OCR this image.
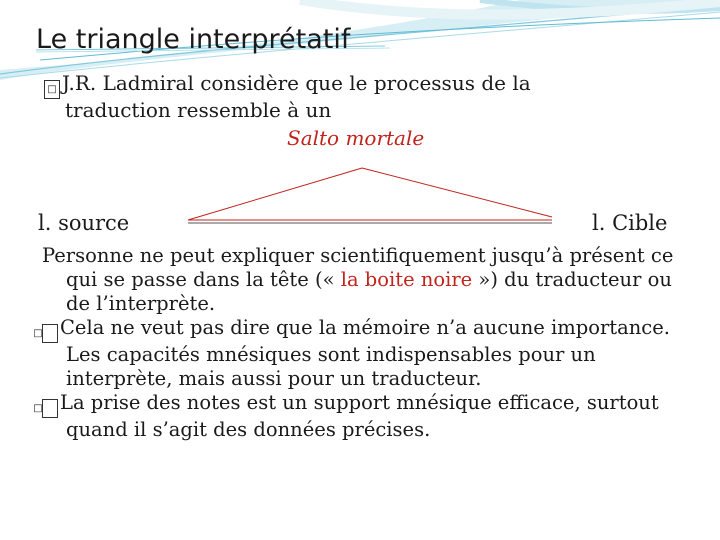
Le triangle interprétatif
□ J.R. Ladmiral considère que le processus de la
traduction ressemble à un
Salto mortale
l. source	l. Cible
Personne ne peut expliquer scientifiquement jusqu’à présent ce qui se passe dans la tête (« la boite noire ») du traducteur ou de l’interprète.
□ Cela ne veut pas dire que la mémoire n’a aucune importance. Les capacités mnésiques sont indispensables pour un interprète, mais aussi pour un traducteur.
□ La prise des notes est un support mnésique efficace, surtout quand il s’agit des données précises.
